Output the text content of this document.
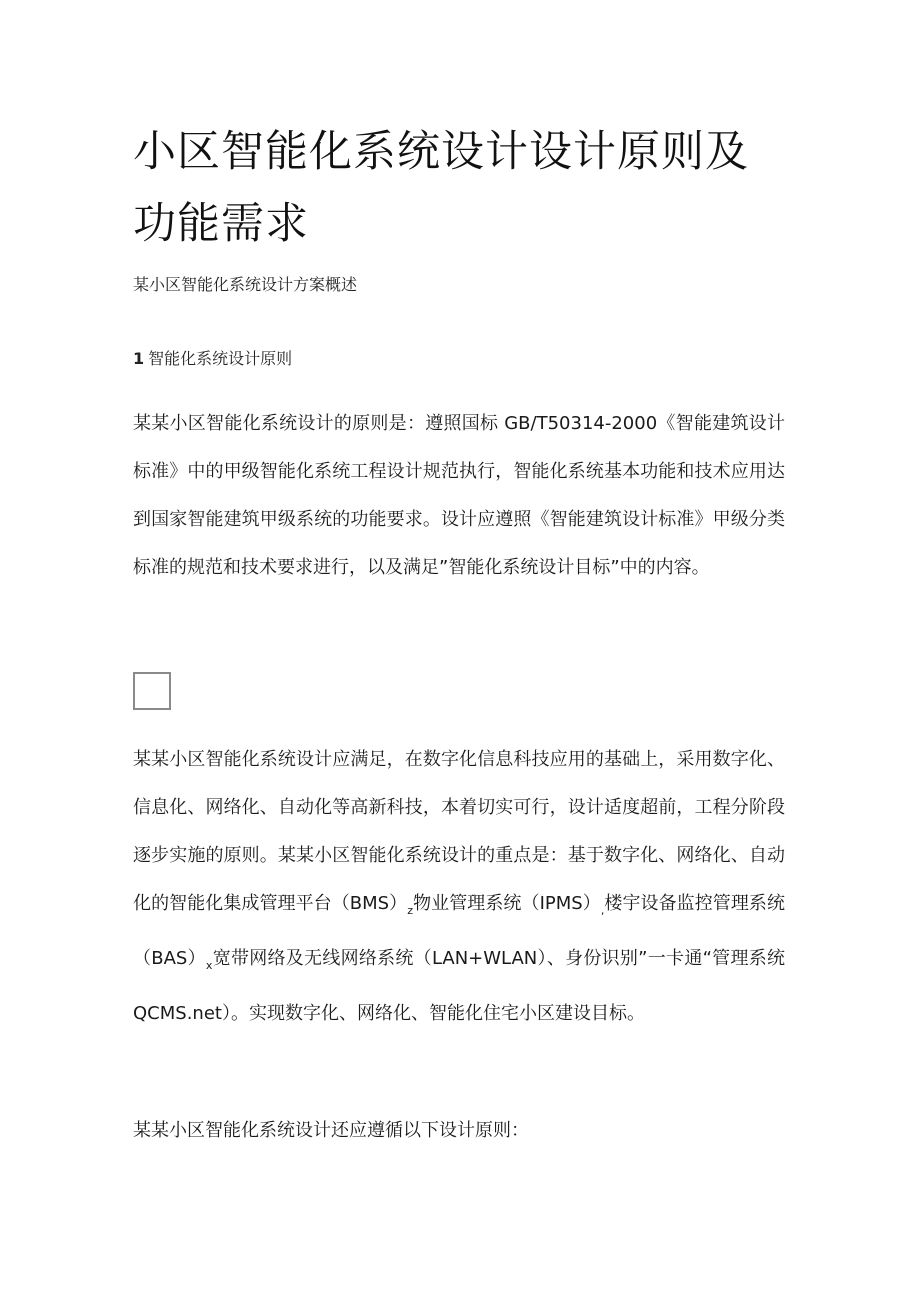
小区智能化系统设计设计原则及功能需求

某小区智能化系统设计方案概述

1 智能化系统设计原则

某某小区智能化系统设计的原则是：遵照国标 GB/T50314-2000《智能建筑设计标准》中的甲级智能化系统工程设计规范执行，智能化系统基本功能和技术应用达到国家智能建筑甲级系统的功能要求。设计应遵照《智能建筑设计标准》甲级分类标准的规范和技术要求进行，以及满足”智能化系统设计目标”中的内容。

某某小区智能化系统设计应满足，在数字化信息科技应用的基础上，采用数字化、信息化、网络化、自动化等高新科技，本着切实可行，设计适度超前，工程分阶段逐步实施的原则。某某小区智能化系统设计的重点是：基于数字化、网络化、自动化的智能化集成管理平台$(BMS)_z$物业管理系统$(IPMS)_,$楼宇设备监控管理系统$(BAS)_x$宽带网络及无线网络系统（LAN+WLAN）、身份识别”一卡通“管理系统 QCMS.net）。实现数字化、网络化、智能化住宅小区建设目标。

某某小区智能化系统设计还应遵循以下设计原则：
